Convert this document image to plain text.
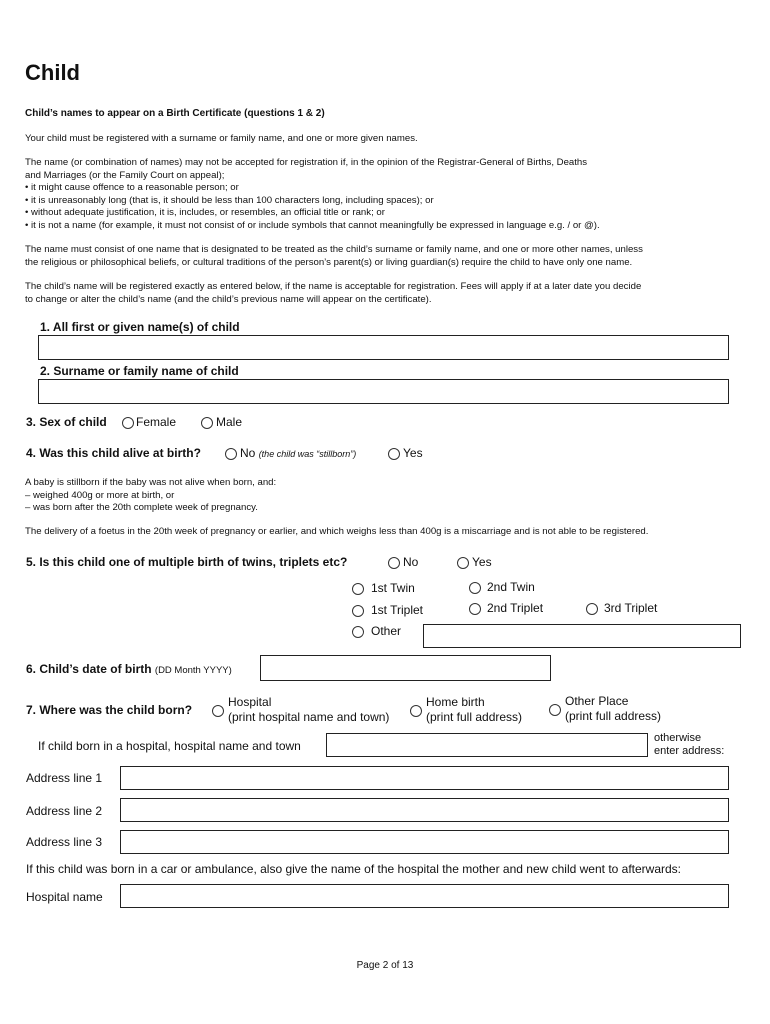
Child
Child’s names to appear on a Birth Certificate (questions 1 & 2)
Your child must be registered with a surname or family name, and one or more given names.
The name (or combination of names) may not be accepted for registration if, in the opinion of the Registrar-General of Births, Deaths
and Marriages (or the Family Court on appeal);
• it might cause offence to a reasonable person; or
• it is unreasonably long (that is, it should be less than 100 characters long, including spaces); or
• without adequate justification, it is, includes, or resembles, an official title or rank; or
• it is not a name (for example, it must not consist of or include symbols that cannot meaningfully be expressed in language e.g. / or @).
The name must consist of one name that is designated to be treated as the child’s surname or family name, and one or more other names, unless
the religious or philosophical beliefs, or cultural traditions of the person’s parent(s) or living guardian(s) require the child to have only one name.
The child’s name will be registered exactly as entered below, if the name is acceptable for registration. Fees will apply if at a later date you decide
to change or alter the child’s name (and the child’s previous name will appear on the certificate).
1. All first or given name(s) of child
2. Surname or family name of child
3. Sex of child Female	Male
4. Was this child alive at birth?	No (the child was “stillborn”)	Yes
A baby is stillborn if the baby was not alive when born, and:
– weighed 400g or more at birth, or
– was born after the 20th complete week of pregnancy.
The delivery of a foetus in the 20th week of pregnancy or earlier, and which weighs less than 400g is a miscarriage and is not able to be registered.
5. Is this child one of multiple birth of twins, triplets etc?	No	Yes
1st Twin	2nd Twin
1st Triplet	2nd Triplet	3rd Triplet
Other
6. Child’s date of birth (DD Month YYYY)
7. Where was the child born?
Hospital
(print hospital name and town)
Home birth
(print full address)
Other Place
(print full address)
If child born in a hospital, hospital name and town
otherwise
enter address:
Address line 1
Address line 2
Address line 3
If this child was born in a car or ambulance, also give the name of the hospital the mother and new child went to afterwards:
Hospital name
Page 2 of 13
